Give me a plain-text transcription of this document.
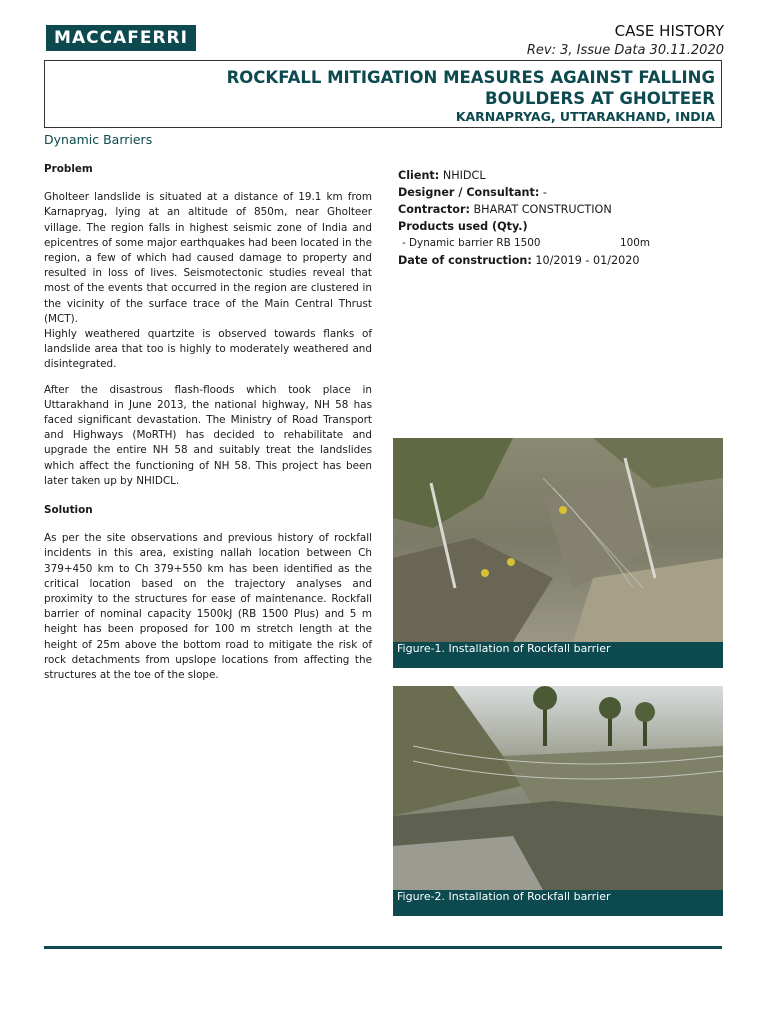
MACCAFERRI	CASE HISTORY
Rev: 3, Issue Data 30.11.2020
ROCKFALL MITIGATION MEASURES AGAINST FALLING
BOULDERS AT GHOLTEER
KARNAPRYAG, UTTARAKHAND, INDIA
Dynamic Barriers
Problem

Gholteer landslide is situated at a distance of 19.1 km from Karnapryag, lying at an altitude of 850m, near Gholteer village. The region falls in highest seismic zone of India and epicentres of some major earthquakes had been located in the region, a few of which had caused damage to property and resulted in loss of lives. Seismotectonic studies reveal that most of the events that occurred in the region are clustered in the vicinity of the surface trace of the Main Central Thrust (MCT).

Highly weathered quartzite is observed towards flanks of landslide area that too is highly to moderately weathered and disintegrated.

After the disastrous flash-floods which took place in Uttarakhand in June 2013, the national highway, NH 58 has faced significant devastation. The Ministry of Road Transport and Highways (MoRTH) has decided to rehabilitate and upgrade the entire NH 58 and suitably treat the landslides which affect the functioning of NH 58. This project has been later taken up by NHIDCL.

Solution

As per the site observations and previous history of rockfall incidents in this area, existing nallah location between Ch 379+450 km to Ch 379+550 km has been identified as the critical location based on the trajectory analyses and proximity to the structures for ease of maintenance. Rockfall barrier of nominal capacity 1500kJ (RB 1500 Plus) and 5 m height has been proposed for 100 m stretch length at the height of 25m above the bottom road to mitigate the risk of rock detachments from upslope locations from affecting the structures at the toe of the slope.

Client: NHIDCL
Designer / Consultant: -
Contractor: BHARAT CONSTRUCTION
Products used (Qty.)
- Dynamic barrier RB 1500	100m
Date of construction: 10/2019 - 01/2020
Figure-1. Installation of Rockfall barrier
Figure-2. Installation of Rockfall barrier
